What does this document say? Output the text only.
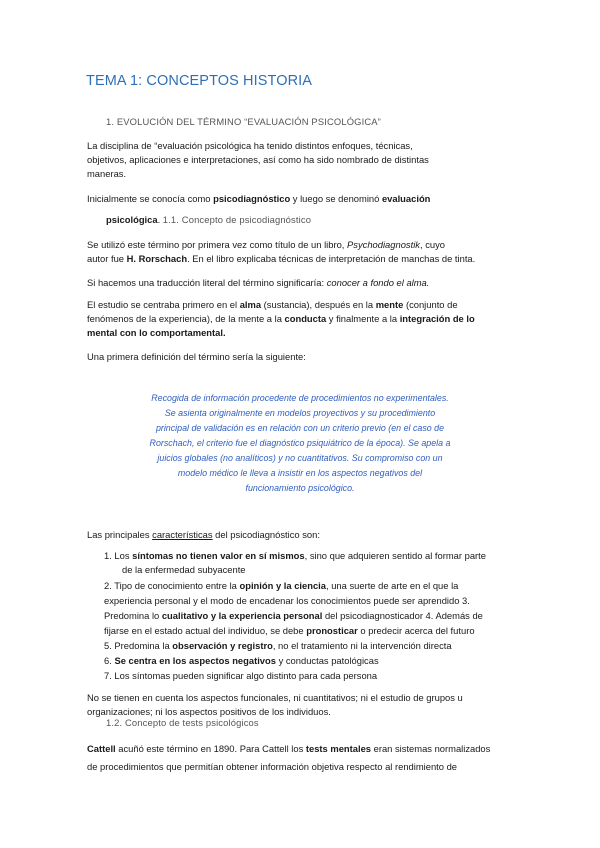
TEMA 1: CONCEPTOS HISTORIA
1. EVOLUCIÓN DEL TÉRMINO “EVALUACIÓN PSICOLÓGICA”
La disciplina de “evaluación psicológica ha tenido distintos enfoques, técnicas,
objetivos, aplicaciones e interpretaciones, así como ha sido nombrado de distintas
maneras.
Inicialmente se conocía como psicodiagnóstico y luego se denominó evaluación
psicológica. 1.1. Concepto de psicodiagnóstico
Se utilizó este término por primera vez como título de un libro, Psychodiagnostik, cuyo
autor fue H. Rorschach. En el libro explicaba técnicas de interpretación de manchas de tinta.
Si hacemos una traducción literal del término significaría: conocer a fondo el alma.
El estudio se centraba primero en el alma (sustancia), después en la mente (conjunto de
fenómenos de la experiencia), de la mente a la conducta y finalmente a la integración de lo
mental con lo comportamental.
Una primera definición del término sería la siguiente:
Recogida de información procedente de procedimientos no experimentales.
Se asienta originalmente en modelos proyectivos y su procedimiento
principal de validación es en relación con un criterio previo (en el caso de
Rorschach, el criterio fue el diagnóstico psiquiátrico de la época). Se apela a
juicios globales (no analíticos) y no cuantitativos. Su compromiso con un
modelo médico le lleva a insistir en los aspectos negativos del
funcionamiento psicológico.
Las principales características del psicodiagnóstico son:
1. Los síntomas no tienen valor en sí mismos, sino que adquieren sentido al formar parte
de la enfermedad subyacente
2. Tipo de conocimiento entre la opinión y la ciencia, una suerte de arte en el que la
experiencia personal y el modo de encadenar los conocimientos puede ser aprendido 3.
Predomina lo cualitativo y la experiencia personal del psicodiagnosticador 4. Además de
fijarse en el estado actual del individuo, se debe pronosticar o predecir acerca del futuro
5. Predomina la observación y registro, no el tratamiento ni la intervención directa
6. Se centra en los aspectos negativos y conductas patológicas
7. Los síntomas pueden significar algo distinto para cada persona
No se tienen en cuenta los aspectos funcionales, ni cuantitativos; ni el estudio de grupos u
organizaciones; ni los aspectos positivos de los individuos.
1.2. Concepto de tests psicológicos
Cattell acuñó este término en 1890. Para Cattell los tests mentales eran sistemas normalizados
de procedimientos que permitían obtener información objetiva respecto al rendimiento de
